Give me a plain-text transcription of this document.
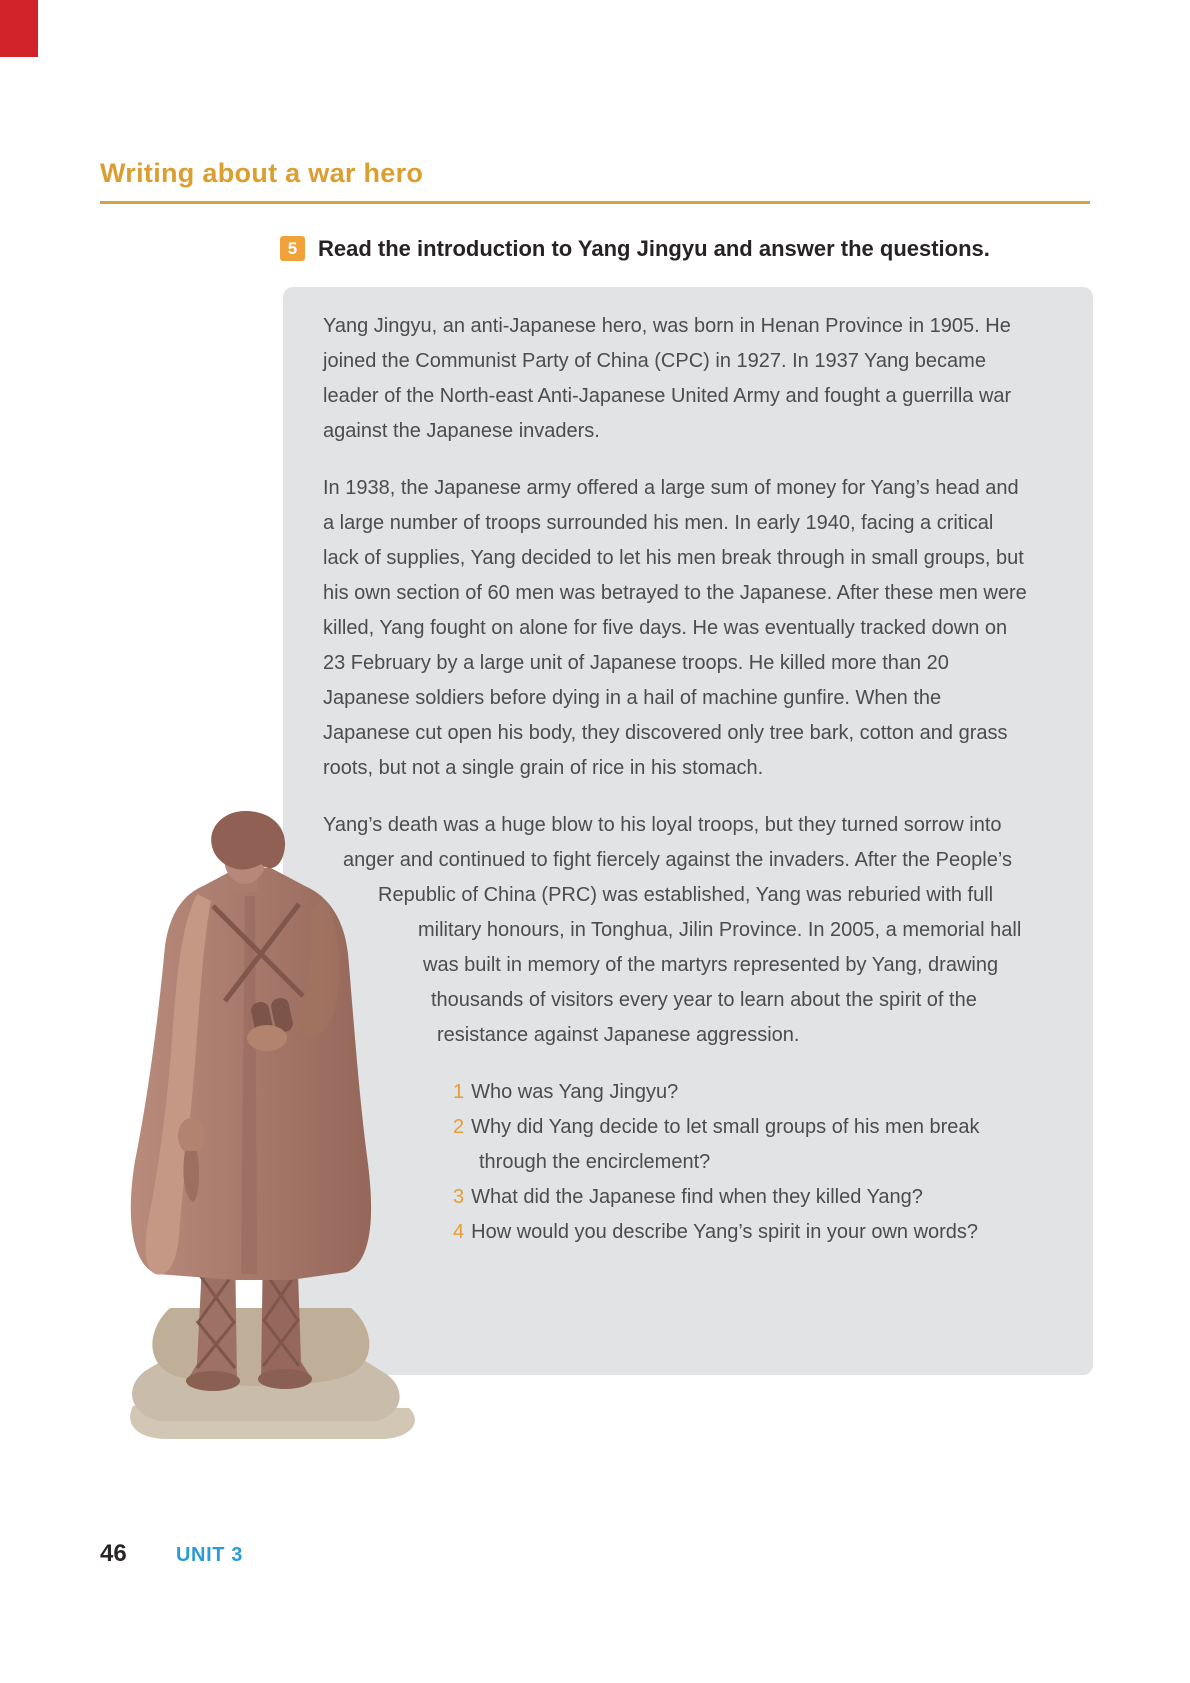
Writing about a war hero
5 Read the introduction to Yang Jingyu and answer the questions.

Yang Jingyu, an anti-Japanese hero, was born in Henan Province in 1905. He joined the Communist Party of China (CPC) in 1927. In 1937 Yang became leader of the North-east Anti-Japanese United Army and fought a guerrilla war against the Japanese invaders.

In 1938, the Japanese army offered a large sum of money for Yang’s head and a large number of troops surrounded his men. In early 1940, facing a critical lack of supplies, Yang decided to let his men break through in small groups, but his own section of 60 men was betrayed to the Japanese. After these men were killed, Yang fought on alone for five days. He was eventually tracked down on 23 February by a large unit of Japanese troops. He killed more than 20 Japanese soldiers before dying in a hail of machine gunfire. When the Japanese cut open his body, they discovered only tree bark, cotton and grass roots, but not a single grain of rice in his stomach.

Yang’s death was a huge blow to his loyal troops, but they turned sorrow into anger and continued to fight fiercely against the invaders. After the People’s Republic of China (PRC) was established, Yang was reburied with full military honours, in Tonghua, Jilin Province. In 2005, a memorial hall was built in memory of the martyrs represented by Yang, drawing thousands of visitors every year to learn about the spirit of the resistance against Japanese aggression.

1 Who was Yang Jingyu?
2 Why did Yang decide to let small groups of his men break through the encirclement?
3 What did the Japanese find when they killed Yang?
4 How would you describe Yang’s spirit in your own words?
46 UNIT 3
